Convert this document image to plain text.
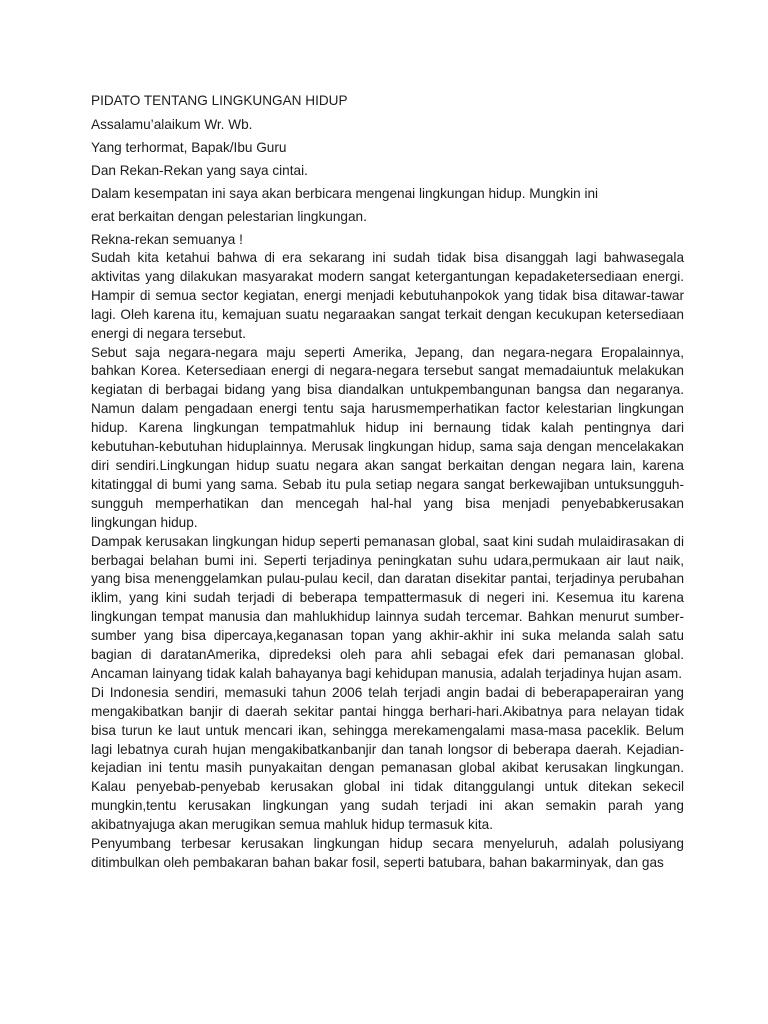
PIDATO TENTANG LINGKUNGAN HIDUP
Assalamu’alaikum Wr. Wb.
Yang terhormat, Bapak/Ibu Guru
Dan Rekan-Rekan yang saya cintai.
Dalam kesempatan ini saya akan berbicara mengenai lingkungan hidup. Mungkin ini
erat berkaitan dengan pelestarian lingkungan.
Rekna-rekan semuanya !

Sudah kita ketahui bahwa di era sekarang ini sudah tidak bisa disanggah lagi bahwasegala aktivitas yang dilakukan masyarakat modern sangat ketergantungan kepadaketersediaan energi. Hampir di semua sector kegiatan, energi menjadi kebutuhanpokok yang tidak bisa ditawar-tawar lagi. Oleh karena itu, kemajuan suatu negaraakan sangat terkait dengan kecukupan ketersediaan energi di negara tersebut.

Sebut saja negara-negara maju seperti Amerika, Jepang, dan negara-negara Eropalainnya, bahkan Korea. Ketersediaan energi di negara-negara tersebut sangat memadaiuntuk melakukan kegiatan di berbagai bidang yang bisa diandalkan untukpembangunan bangsa dan negaranya. Namun dalam pengadaan energi tentu saja harusmemperhatikan factor kelestarian lingkungan hidup. Karena lingkungan tempatmahluk hidup ini bernaung tidak kalah pentingnya dari kebutuhan-kebutuhan hiduplainnya. Merusak lingkungan hidup, sama saja dengan mencelakakan diri sendiri.Lingkungan hidup suatu negara akan sangat berkaitan dengan negara lain, karena kitatinggal di bumi yang sama. Sebab itu pula setiap negara sangat berkewajiban untuksungguh-sungguh memperhatikan dan mencegah hal-hal yang bisa menjadi penyebabkerusakan lingkungan hidup.

Dampak kerusakan lingkungan hidup seperti pemanasan global, saat kini sudah mulaidirasakan di berbagai belahan bumi ini. Seperti terjadinya peningkatan suhu udara,permukaan air laut naik, yang bisa menenggelamkan pulau-pulau kecil, dan daratan disekitar pantai, terjadinya perubahan iklim, yang kini sudah terjadi di beberapa tempattermasuk di negeri ini. Kesemua itu karena lingkungan tempat manusia dan mahlukhidup lainnya sudah tercemar. Bahkan menurut sumber-sumber yang bisa dipercaya,keganasan topan yang akhir-akhir ini suka melanda salah satu bagian di daratanAmerika, dipredeksi oleh para ahli sebagai efek dari pemanasan global. Ancaman lainyang tidak kalah bahayanya bagi kehidupan manusia, adalah terjadinya hujan asam.

Di Indonesia sendiri, memasuki tahun 2006 telah terjadi angin badai di beberapaperairan yang mengakibatkan banjir di daerah sekitar pantai hingga berhari-hari.Akibatnya para nelayan tidak bisa turun ke laut untuk mencari ikan, sehingga merekamengalami masa-masa paceklik. Belum lagi lebatnya curah hujan mengakibatkanbanjir dan tanah longsor di beberapa daerah. Kejadian-kejadian ini tentu masih punyakaitan dengan pemanasan global akibat kerusakan lingkungan. Kalau penyebab-penyebab kerusakan global ini tidak ditanggulangi untuk ditekan sekecil mungkin,tentu kerusakan lingkungan yang sudah terjadi ini akan semakin parah yang akibatnyajuga akan merugikan semua mahluk hidup termasuk kita.

Penyumbang terbesar kerusakan lingkungan hidup secara menyeluruh, adalah polusiyang ditimbulkan oleh pembakaran bahan bakar fosil, seperti batubara, bahan bakarminyak, dan gas
